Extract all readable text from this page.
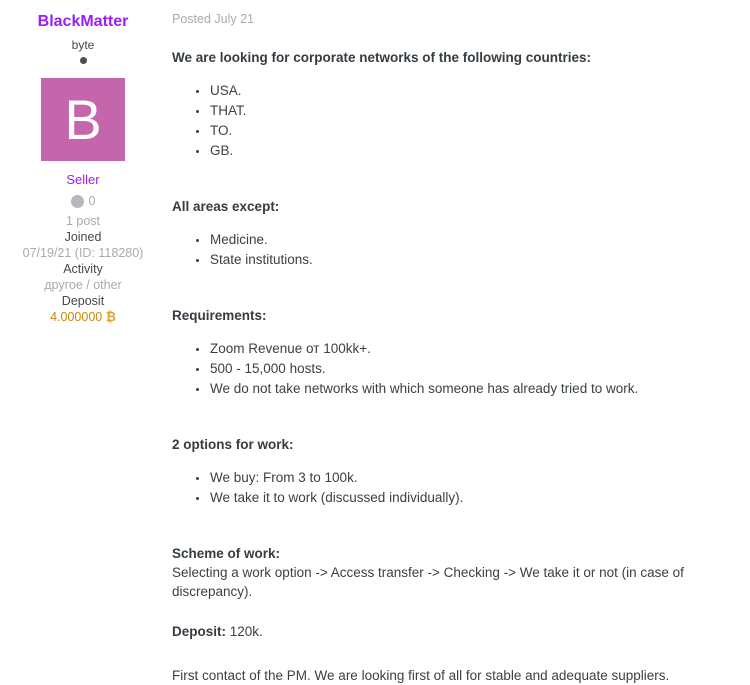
BlackMatter
byte
B
Seller
0
1 post
Joined
07/19/21 (ID: 118280)
Activity
другое / other
Deposit
4.000000 ₿
Posted July 21
We are looking for corporate networks of the following countries:
• USA.
• THAT.
• TO.
• GB.
All areas except:
• Medicine.
• State institutions.
Requirements:
• Zoom Revenue от 100kk+.
• 500 - 15,000 hosts.
• We do not take networks with which someone has already tried to work.
2 options for work:
• We buy: From 3 to 100k.
• We take it to work (discussed individually).
Scheme of work:

Selecting a work option -> Access transfer -> Checking -> We take it or not (in case of discrepancy).

Deposit: 120k.

First contact of the PM. We are looking first of all for stable and adequate suppliers.
